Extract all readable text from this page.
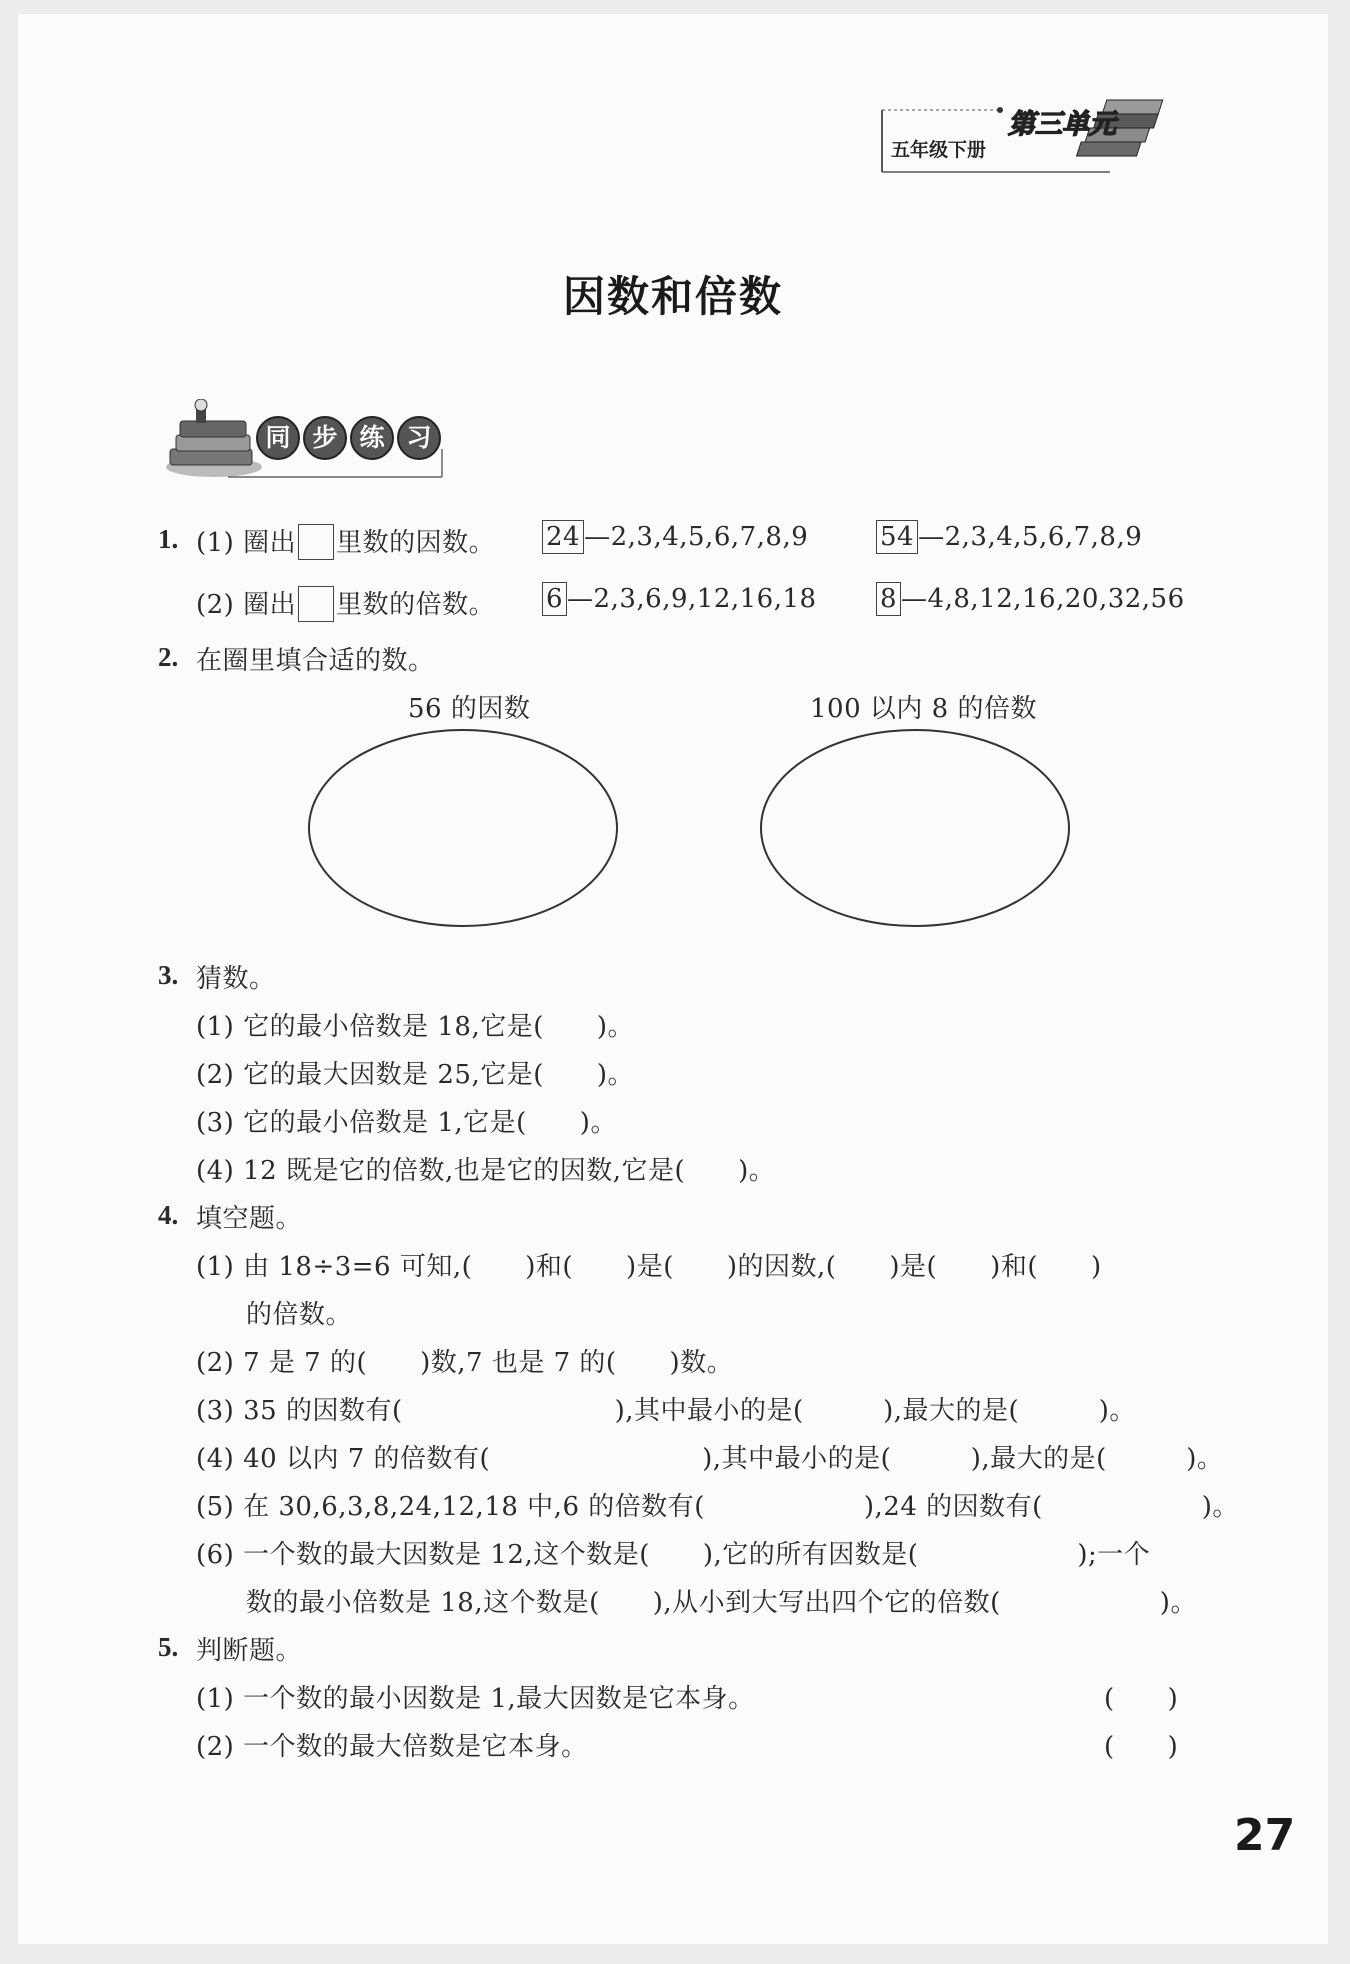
五年级下册
第三单元
因数和倍数
同 步 练 习
1. (1) 圈出 里数的因数。 24 —2,3,4,5,6,7,8,9	54 —2,3,4,5,6,7,8,9
(2) 圈出 里数的倍数。 6 —2,3,6,9,12,16,18 8 —4,8,12,16,20,32,56
2. 在圈里填合适的数。
56 的因数	100 以内 8 的倍数
3. 猜数。
(1) 它的最小倍数是 18,它是(　　)。
(2) 它的最大因数是 25,它是(　　)。
(3) 它的最小倍数是 1,它是(　　)。
(4) 12 既是它的倍数,也是它的因数,它是(　　)。
4. 填空题。
(1) 由 18÷3=6 可知,(　　)和(　　)是(　　)的因数,(　　)是(　　)和(　　)
的倍数。
(2) 7 是 7 的(　　)数,7 也是 7 的(　　)数。
(3) 35 的因数有(　　　　　　　　),其中最小的是(　　　),最大的是(　　　)。
(4) 40 以内 7 的倍数有(　　　　　　　　),其中最小的是(　　　),最大的是(　　　)。
(5) 在 30,6,3,8,24,12,18 中,6 的倍数有(　　　　　　),24 的因数有(　　　　　　)。
(6) 一个数的最大因数是 12,这个数是(　　),它的所有因数是(　　　　　　);一个
数的最小倍数是 18,这个数是(　　),从小到大写出四个它的倍数(　　　　　　)。
5. 判断题。
(1) 一个数的最小因数是 1,最大因数是它本身。	(　　)
(2) 一个数的最大倍数是它本身。	(　　)
27
